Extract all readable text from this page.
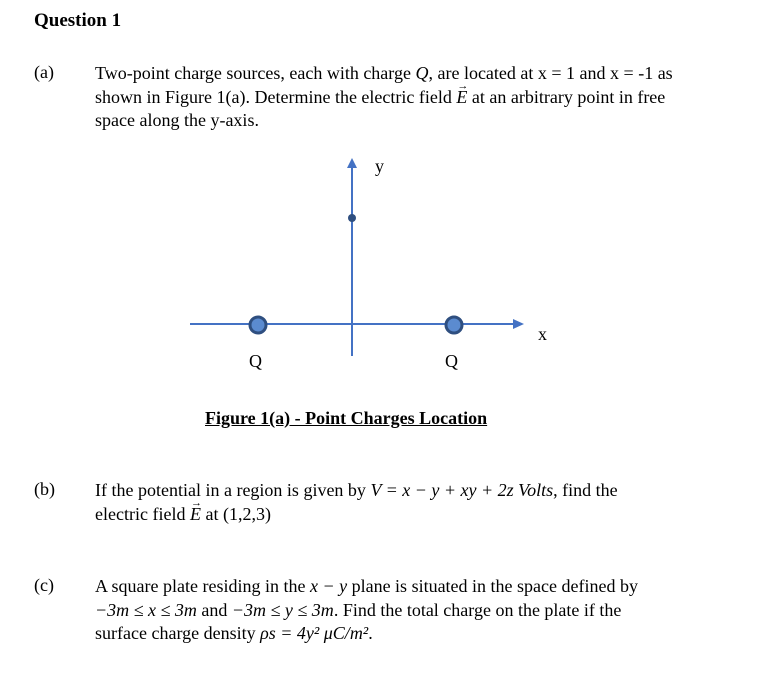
Question 1
(a) Two-point charge sources, each with charge Q, are located at x = 1 and x = -1 as
shown in Figure 1(a). Determine the electric field → E at an arbitrary point in free
space along the y-axis.
y
x
Q	Q
Figure 1(a) - Point Charges Location
(b) If the potential in a region is given by V = x − y + xy + 2z Volts, find the
electric field → E at (1,2,3)
(c) A square plate residing in the x − y plane is situated in the space defined by
−3m ≤ x ≤ 3m and −3m ≤ y ≤ 3m. Find the total charge on the plate if the
surface charge density ρs = 4y² μC/m².
